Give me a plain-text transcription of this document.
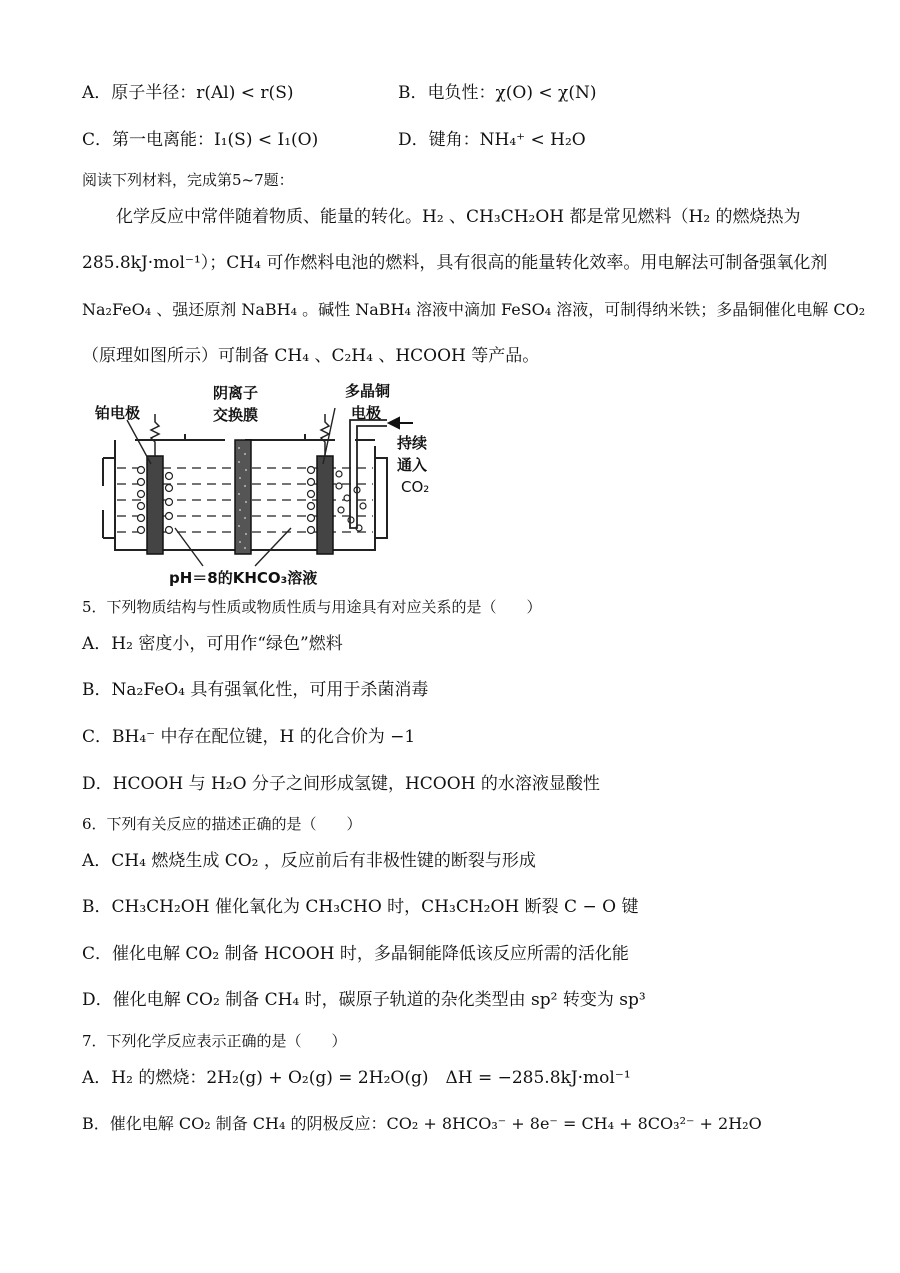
A．原子半径：r(Al) < r(S)	B．电负性：χ(O) < χ(N)
C．第一电离能：I₁(S) < I₁(O)	D．键角：NH₄⁺ < H₂O
阅读下列材料，完成第5~7题：
化学反应中常伴随着物质、能量的转化。H₂ 、CH₃CH₂OH 都是常见燃料（H₂ 的燃烧热为
285.8kJ·mol⁻¹）；CH₄ 可作燃料电池的燃料，具有很高的能量转化效率。用电解法可制备强氧化剂
Na₂FeO₄ 、强还原剂 NaBH₄ 。碱性 NaBH₄ 溶液中滴加 FeSO₄ 溶液，可制得纳米铁；多晶铜催化电解 CO₂
（原理如图所示）可制备 CH₄ 、C₂H₄ 、HCOOH 等产品。
铂电极
阴离子
交换膜
多晶铜
电极
持续
通入
CO₂
pH＝8的KHCO₃溶液
5．下列物质结构与性质或物质性质与用途具有对应关系的是（　　）
A．H₂ 密度小，可用作“绿色”燃料
B．Na₂FeO₄ 具有强氧化性，可用于杀菌消毒
C．BH₄⁻ 中存在配位键，H 的化合价为 −1
D．HCOOH 与 H₂O 分子之间形成氢键，HCOOH 的水溶液显酸性
6．下列有关反应的描述正确的是（　　）
A．CH₄ 燃烧生成 CO₂ ，反应前后有非极性键的断裂与形成
B．CH₃CH₂OH 催化氧化为 CH₃CHO 时，CH₃CH₂OH 断裂 C − O 键
C．催化电解 CO₂ 制备 HCOOH 时，多晶铜能降低该反应所需的活化能
D．催化电解 CO₂ 制备 CH₄ 时，碳原子轨道的杂化类型由 sp² 转变为 sp³
7．下列化学反应表示正确的是（　　）
A．H₂ 的燃烧：2H₂(g) + O₂(g) = 2H₂O(g)　ΔH = −285.8kJ·mol⁻¹
B．催化电解 CO₂ 制备 CH₄ 的阴极反应：CO₂ + 8HCO₃⁻ + 8e⁻ = CH₄ + 8CO₃²⁻ + 2H₂O
